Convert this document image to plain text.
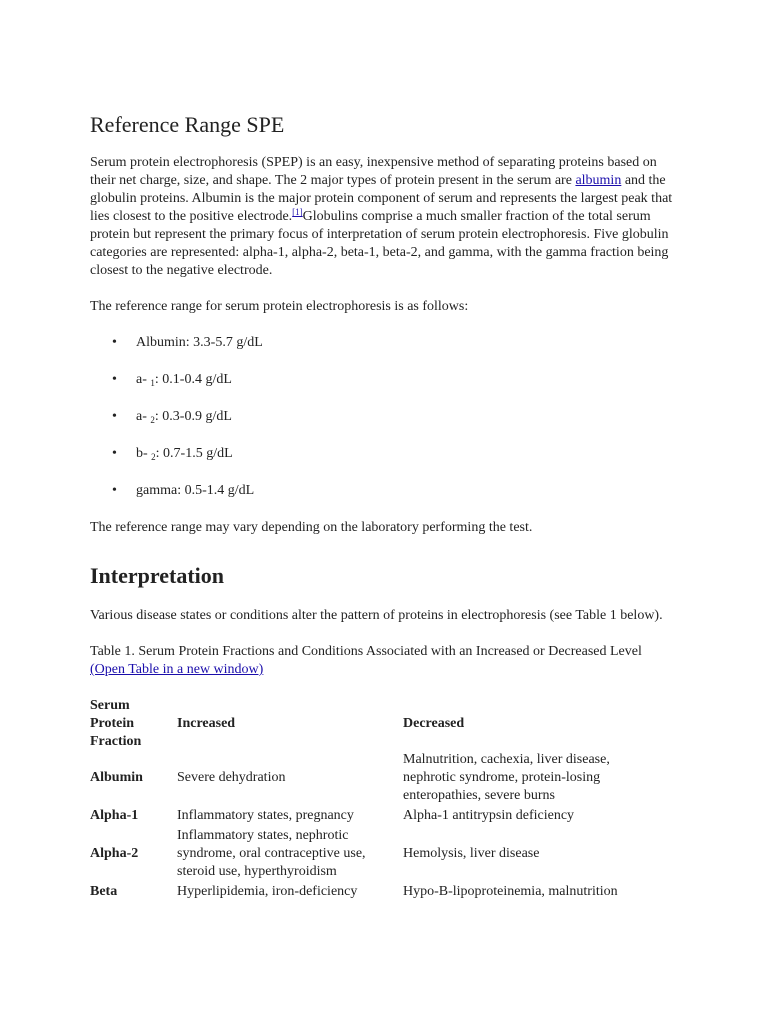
Reference Range SPE

Serum protein electrophoresis (SPEP) is an easy, inexpensive method of separating proteins based on their net charge, size, and shape. The 2 major types of protein present in the serum are albumin and the globulin proteins. Albumin is the major protein component of serum and represents the largest peak that lies closest to the positive electrode.[1]Globulins comprise a much smaller fraction of the total serum protein but represent the primary focus of interpretation of serum protein electrophoresis. Five globulin categories are represented: alpha-1, alpha-2, beta-1, beta-2, and gamma, with the gamma fraction being closest to the negative electrode.

The reference range for serum protein electrophoresis is as follows:

• Albumin: 3.3-5.7 g/dL
• a- $_1$: 0.1-0.4 g/dL
• a- $_2$: 0.3-0.9 g/dL
• b- $_2$: 0.7-1.5 g/dL
• gamma: 0.5-1.4 g/dL

The reference range may vary depending on the laboratory performing the test.

Interpretation

Various disease states or conditions alter the pattern of proteins in electrophoresis (see Table 1 below).

Table 1. Serum Protein Fractions and Conditions Associated with an Increased or Decreased Level (Open Table in a new window)

Serum Protein Fraction	Increased	Decreased
Albumin	Severe dehydration	Malnutrition, cachexia, liver disease, nephrotic syndrome, protein-losing enteropathies, severe burns
Alpha-1	Inflammatory states, pregnancy	Alpha-1 antitrypsin deficiency
Alpha-2	Inflammatory states, nephrotic syndrome, oral contraceptive use, steroid use, hyperthyroidism	Hemolysis, liver disease
Beta	Hyperlipidemia, iron-deficiency	Hypo-B-lipoproteinemia, malnutrition
